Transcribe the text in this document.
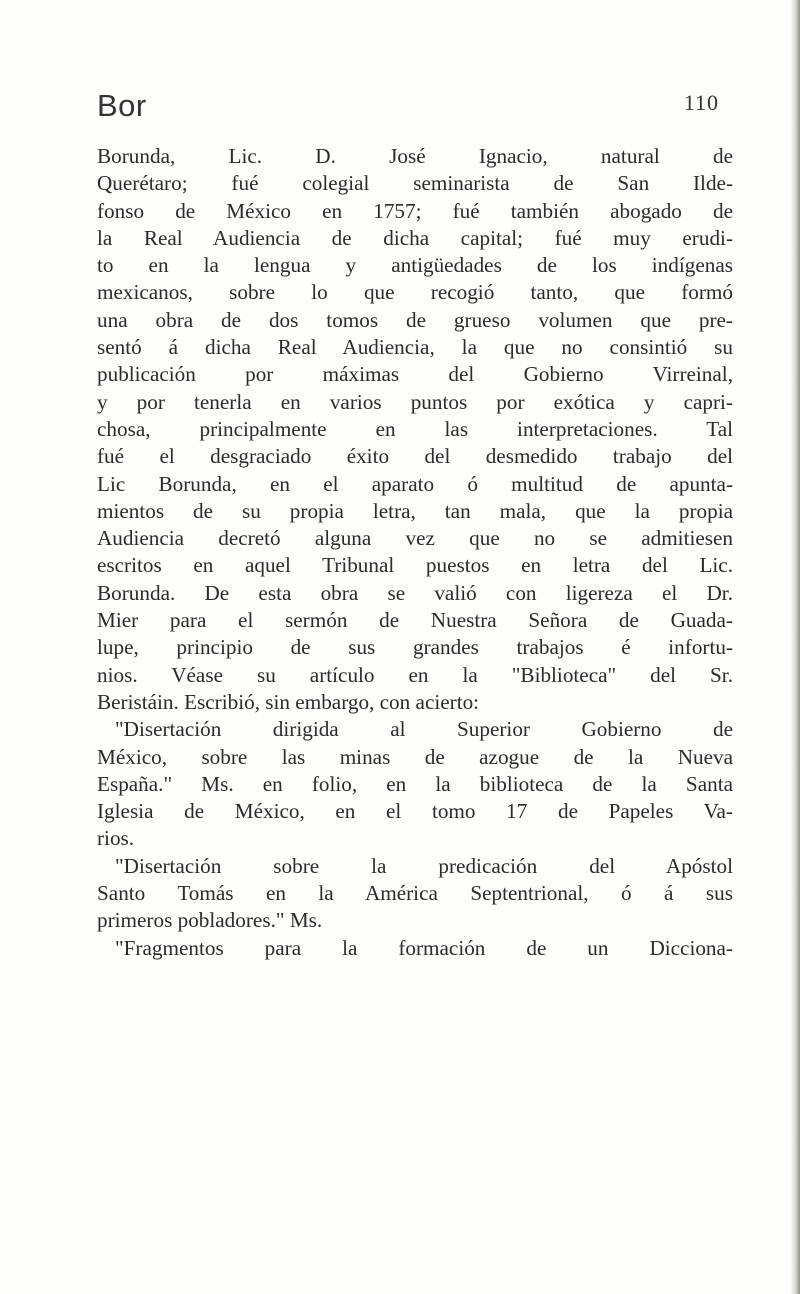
Bor	110
Borunda, Lic. D. José Ignacio, natural de
Querétaro; fué colegial seminarista de San Ilde-
fonso de México en 1757; fué también abogado de
la Real Audiencia de dicha capital; fué muy erudi-
to en la lengua y antigüedades de los indígenas
mexicanos, sobre lo que recogió tanto, que formó
una obra de dos tomos de grueso volumen que pre-
sentó á dicha Real Audiencia, la que no consintió su
publicación por máximas del Gobierno Virreinal,
y por tenerla en varios puntos por exótica y capri-
chosa, principalmente en las interpretaciones. Tal
fué el desgraciado éxito del desmedido trabajo del
Lic Borunda, en el aparato ó multitud de apunta-
mientos de su propia letra, tan mala, que la propia
Audiencia decretó alguna vez que no se admitiesen
escritos en aquel Tribunal puestos en letra del Lic.
Borunda. De esta obra se valió con ligereza el Dr.
Mier para el sermón de Nuestra Señora de Guada-
lupe, principio de sus grandes trabajos é infortu-
nios. Véase su artículo en la "Biblioteca" del Sr.
Beristáin. Escribió, sin embargo, con acierto:
"Disertación dirigida al Superior Gobierno de
México, sobre las minas de azogue de la Nueva
España." Ms. en folio, en la biblioteca de la Santa
Iglesia de México, en el tomo 17 de Papeles Va-
rios.
"Disertación sobre la predicación del Apóstol
Santo Tomás en la América Septentrional, ó á sus
primeros pobladores." Ms.
"Fragmentos para la formación de un Dicciona-
